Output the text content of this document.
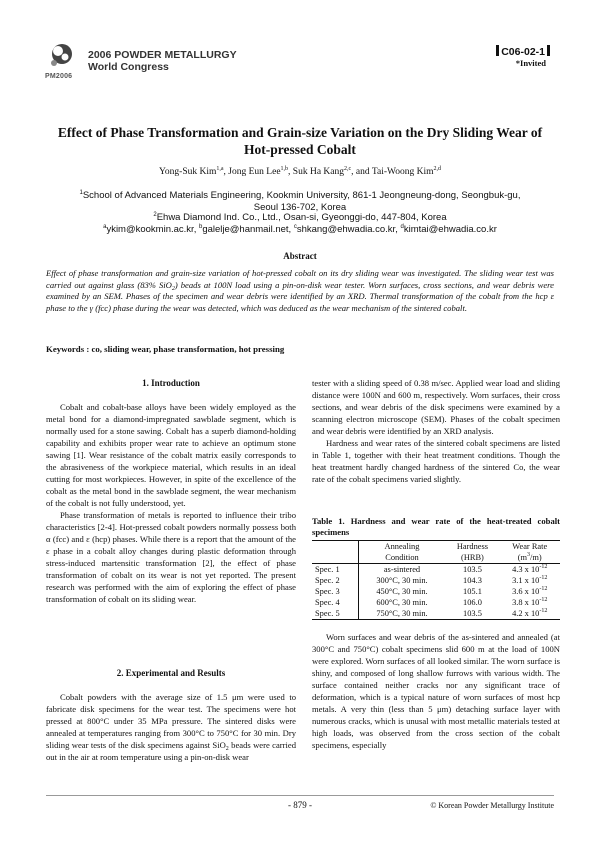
2006 POWDER METALLURGY
World Congress
PM2006
C06-02-1
*Invited
Effect of Phase Transformation and Grain-size Variation on the Dry Sliding Wear of
Hot-pressed Cobalt
Yong-Suk Kim$^{1,a}$, Jong Eun Lee$^{1,b}$, Suk Ha Kang$^{2,c}$, and Tai-Woong Kim$^{2,d}$
$^1$School of Advanced Materials Engineering, Kookmin University, 861-1 Jeongneung-dong, Seongbuk-gu,
Seoul 136-702, Korea
$^2$Ehwa Diamond Ind. Co., Ltd., Osan-si, Gyeonggi-do, 447-804, Korea
$^a$ykim@kookmin.ac.kr, $^b$galelje@hanmail.net, $^c$shkang@ehwadia.co.kr, $^d$kimtai@ehwadia.co.kr
Abstract
Effect of phase transformation and grain-size variation of hot-pressed cobalt on its dry sliding wear was investigated. The sliding wear test was carried out against glass (83% SiO$_2$) beads at 100N load using a pin-on-disk wear tester. Worn surfaces, cross sections, and wear debris were examined by an SEM. Phases of the specimen and wear debris were identified by an XRD. Thermal transformation of the cobalt from the hcp ε phase to the γ (fcc) phase during the wear was detected, which was deduced as the wear mechanism of the sintered cobalt.
Keywords : co, sliding wear, phase transformation, hot pressing
1. Introduction

Cobalt and cobalt-base alloys have been widely employed as the metal bond for a diamond-impregnated sawblade segment, which is normally used for a stone sawing. Cobalt has a superb diamond-holding capability and exhibits proper wear rate to achieve an optimum stone sawing [1]. Wear resistance of the cobalt matrix easily corresponds to the abrasiveness of the workpiece material, which results in an ideal cutting for most workpieces. However, in spite of the excellence of the cobalt as the metal bond in the sawblade segment, the wear mechanism of the cobalt is not fully understood, yet.

Phase transformation of metals is reported to influence their tribo characteristics [2-4]. Hot-pressed cobalt powders normally possess both α (fcc) and ε (hcp) phases. While there is a report that the amount of the ε phase in a cobalt alloy changes during plastic deformation through stress-induced martensitic transformation [2], the effect of phase transformation of cobalt on its wear is not yet reported. The present research was performed with the aim of exploring the effect of phase transformation of cobalt on its sliding wear.

2. Experimental and Results

Cobalt powders with the average size of 1.5 μm were used to fabricate disk specimens for the wear test. The specimens were hot pressed at 800°C under 35 MPa pressure. The sintered disks were annealed at temperatures ranging from 300°C to 750°C for 30 min. Dry sliding wear tests of the disk specimens against SiO$_2$ beads were carried out in the air at room temperature using a pin-on-disk wear

tester with a sliding speed of 0.38 m/sec. Applied wear load and sliding distance were 100N and 600 m, respectively. Worn surfaces, their cross sections, and wear debris of the disk specimens were examined by a scanning electron microscope (SEM). Phases of the cobalt specimen and wear debris were identified by an XRD analysis.

Hardness and wear rates of the sintered cobalt specimens are listed in Table 1, together with their heat treatment conditions. Though the heat treatment hardly changed hardness of the sintered Co, the wear rate of the cobalt specimens varied slightly.

Table 1. Hardness and wear rate of the heat-treated cobalt specimens
	Annealing	Hardness	Wear Rate
	Condition	(HRB)	$(m^3/m)$
Spec. 1	as-sintered	103.5	4.3 x $10^{-12}$
Spec. 2	300°C, 30 min.	104.3	3.1 x $10^{-12}$
Spec. 3	450°C, 30 min.	105.1	3.6 x $10^{-12}$
Spec. 4	600°C, 30 min.	106.0	3.8 x $10^{-12}$
Spec. 5	750°C, 30 min.	103.5	4.2 x $10^{-12}$

Worn surfaces and wear debris of the as-sintered and annealed (at 300°C and 750°C) cobalt specimens slid 600 m at the load of 100N were explored. Worn surfaces of all looked similar. The worn surface is shiny, and composed of long shallow furrows with various width. The surface contained neither cracks nor any significant trace of deformation, which is a typical nature of worn surfaces of most hcp metals. A very thin (less than 5 μm) detaching surface layer with numerous cracks, which is unusal with most metallic materials tested at high loads, was observed from the cross section of the cobalt specimens, especially

- 879 -	© Korean Powder Metallurgy Institute
